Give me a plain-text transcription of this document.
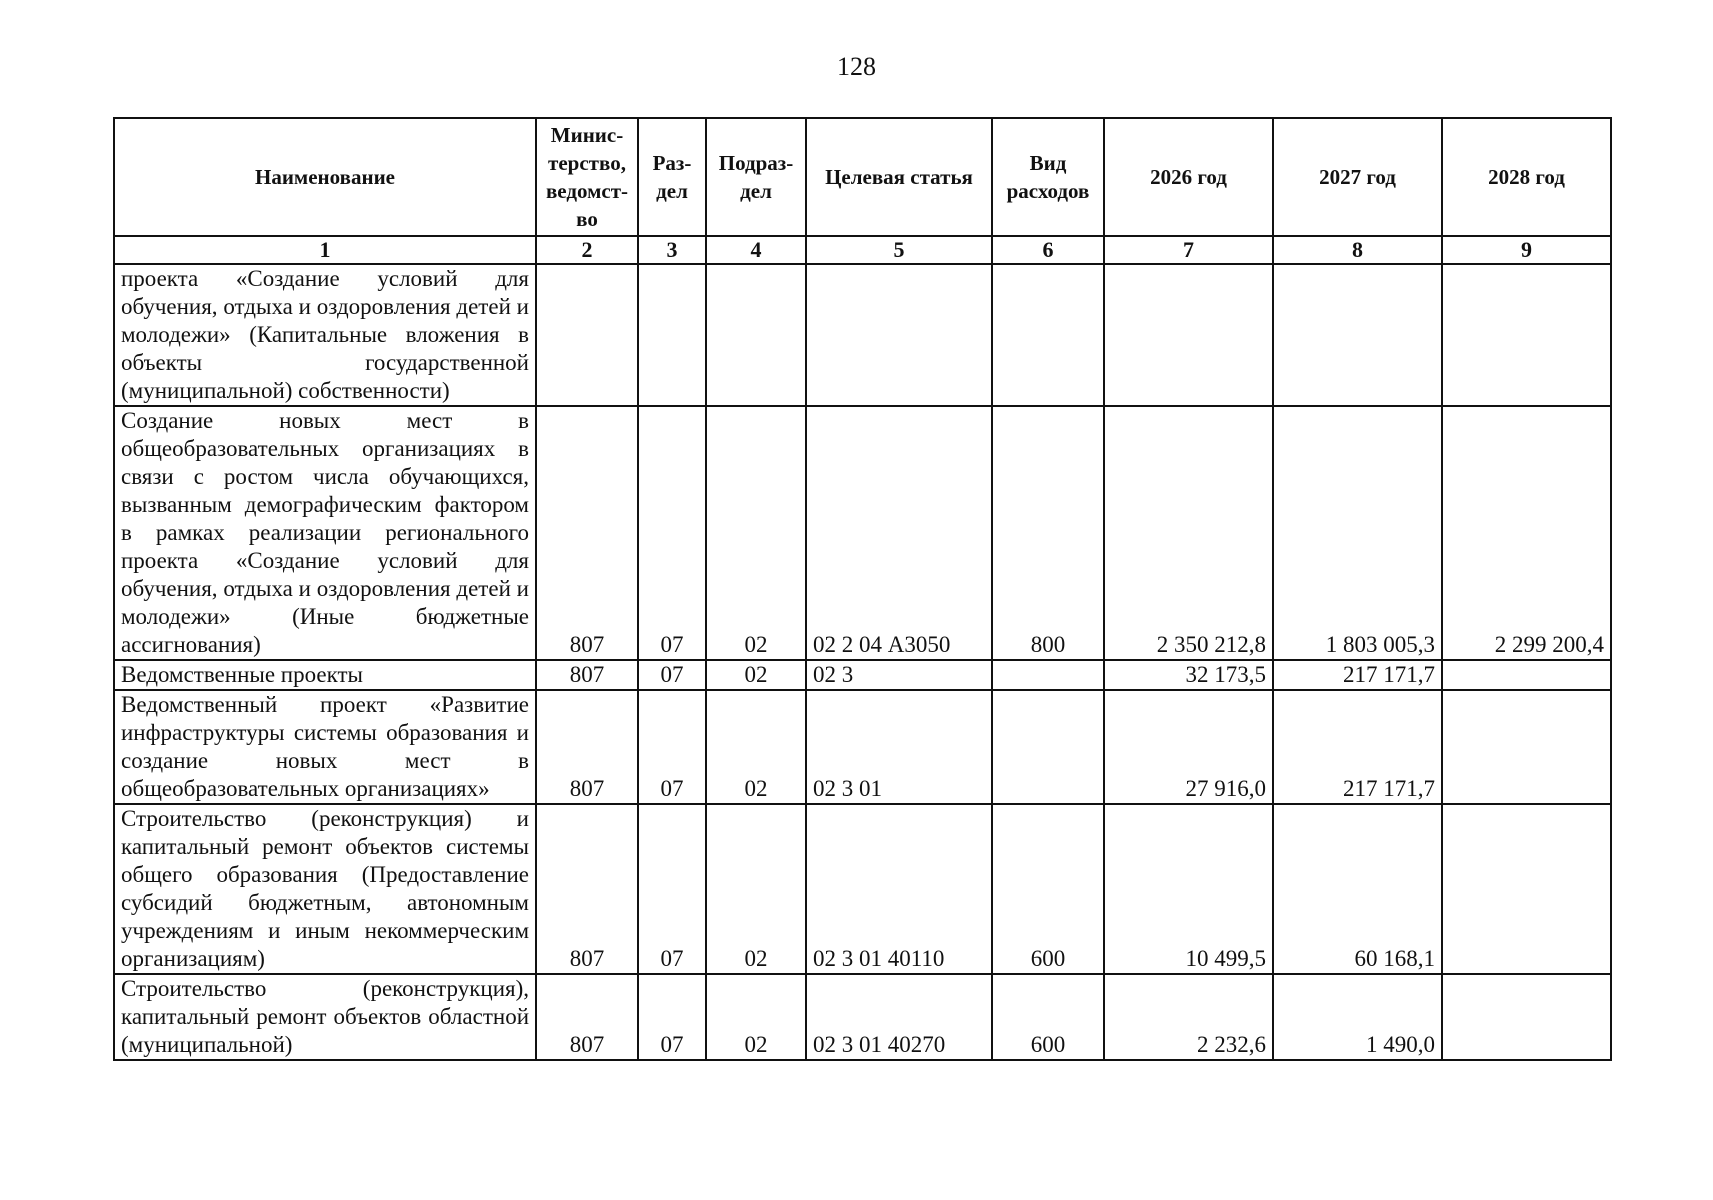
128
Наименование	Минис-терство, ведомст-во	Раз-дел	Подраз-дел	Целевая статья	Вид расходов	2026 год	2027 год	2028 год
1	2	3	4	5	6	7	8	9
проекта «Создание условий для обучения, отдыха и оздоровления детей и молодежи» (Капитальные вложения в объекты государственной (муниципальной) собственности)								
Создание новых мест в общеобразовательных организациях в связи с ростом числа обучающихся, вызванным демографическим фактором в рамках реализации регионального проекта «Создание условий для обучения, отдыха и оздоровления детей и молодежи» (Иные бюджетные ассигнования)	807	07	02	02 2 04 А3050	800	2 350 212,8	1 803 005,3	2 299 200,4
Ведомственные проекты	807	07	02	02 3		32 173,5	217 171,7	
Ведомственный проект «Развитие инфраструктуры системы образования и создание новых мест в общеобразовательных организациях»	807	07	02	02 3 01		27 916,0	217 171,7	
Строительство (реконструкция) и капитальный ремонт объектов системы общего образования (Предоставление субсидий бюджетным, автономным учреждениям и иным некоммерческим организациям)	807	07	02	02 3 01 40110	600	10 499,5	60 168,1	
Строительство (реконструкция), капитальный ремонт объектов областной (муниципальной)	807	07	02	02 3 01 40270	600	2 232,6	1 490,0	
